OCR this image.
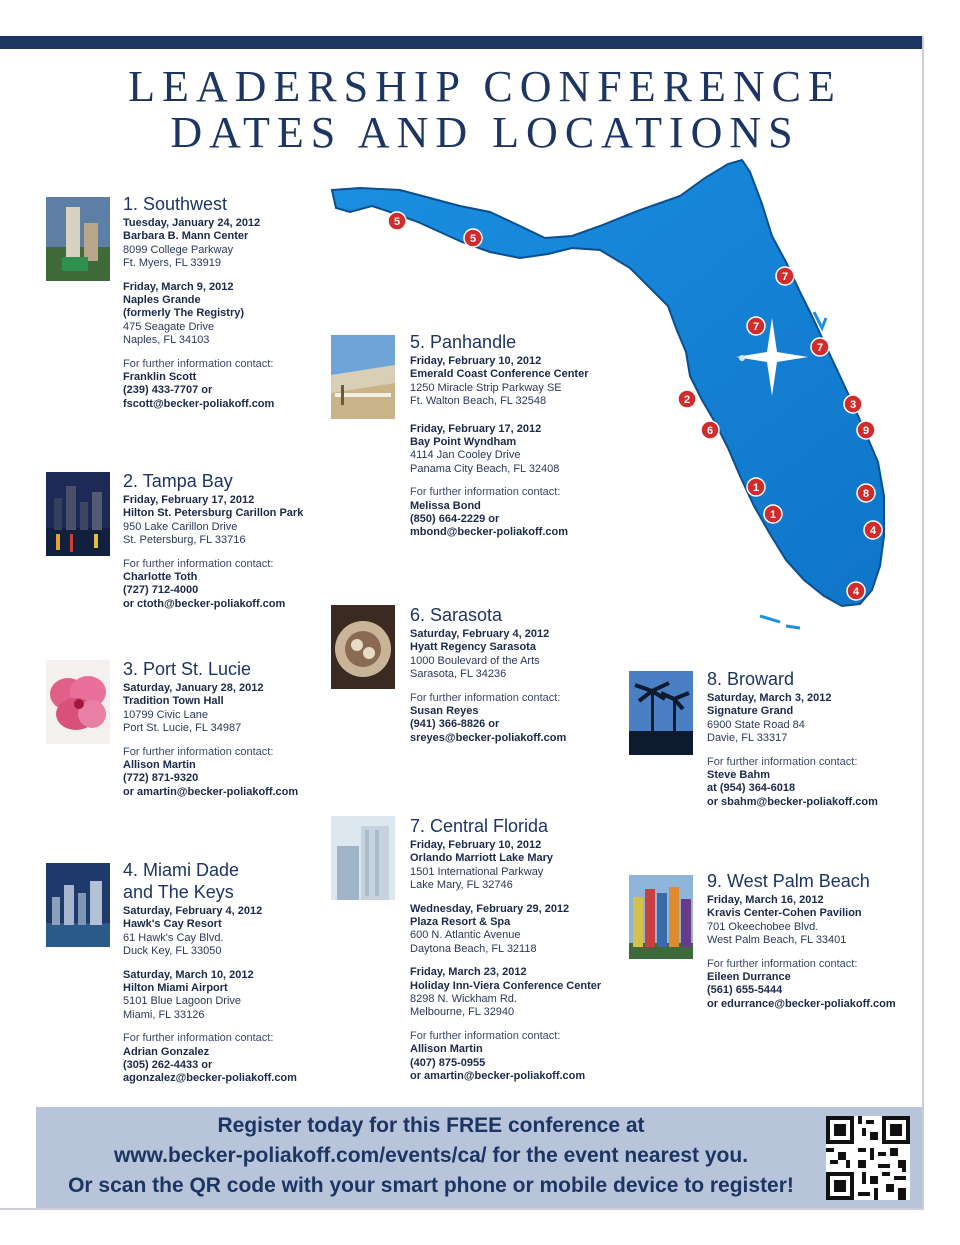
LEADERSHIP CONFERENCE
DATES AND LOCATIONS
1. Southwest
Tuesday, January 24, 2012
Barbara B. Mann Center
8099 College Parkway
Ft. Myers, FL 33919
Friday, March 9, 2012
Naples Grande
(formerly The Registry)
475 Seagate Drive
Naples, FL 34103
For further information contact:
Franklin Scott
(239) 433-7707 or
fscott@becker-poliakoff.com
2. Tampa Bay
Friday, February 17, 2012
Hilton St. Petersburg Carillon Park
950 Lake Carillon Drive
St. Petersburg, FL 33716
For further information contact:
Charlotte Toth
(727) 712-4000
or ctoth@becker-poliakoff.com
3. Port St. Lucie
Saturday, January 28, 2012
Tradition Town Hall
10799 Civic Lane
Port St. Lucie, FL 34987
For further information contact:
Allison Martin
(772) 871-9320
or amartin@becker-poliakoff.com
4. Miami Dade
and The Keys
Saturday, February 4, 2012
Hawk's Cay Resort
61 Hawk's Cay Blvd.
Duck Key, FL 33050
Saturday, March 10, 2012
Hilton Miami Airport
5101 Blue Lagoon Drive
Miami, FL 33126
For further information contact:
Adrian Gonzalez
(305) 262-4433 or
agonzalez@becker-poliakoff.com
5. Panhandle
Friday, February 10, 2012
Emerald Coast Conference Center
1250 Miracle Strip Parkway SE
Ft. Walton Beach, FL 32548
Friday, February 17, 2012
Bay Point Wyndham
4114 Jan Cooley Drive
Panama City Beach, FL 32408
For further information contact:
Melissa Bond
(850) 664-2229 or
mbond@becker-poliakoff.com
6. Sarasota
Saturday, February 4, 2012
Hyatt Regency Sarasota
1000 Boulevard of the Arts
Sarasota, FL 34236
For further information contact:
Susan Reyes
(941) 366-8826 or
sreyes@becker-poliakoff.com
7. Central Florida
Friday, February 10, 2012
Orlando Marriott Lake Mary
1501 International Parkway
Lake Mary, FL 32746
Wednesday, February 29, 2012
Plaza Resort & Spa
600 N. Atlantic Avenue
Daytona Beach, FL 32118
Friday, March 23, 2012
Holiday Inn-Viera Conference Center
8298 N. Wickham Rd.
Melbourne, FL 32940
For further information contact:
Allison Martin
(407) 875-0955
or amartin@becker-poliakoff.com
8. Broward
Saturday, March 3, 2012
Signature Grand
6900 State Road 84
Davie, FL 33317
For further information contact:
Steve Bahm
at (954) 364-6018
or sbahm@becker-poliakoff.com
9. West Palm Beach
Friday, March 16, 2012
Kravis Center-Cohen Pavilion
701 Okeechobee Blvd.
West Palm Beach, FL 33401
For further information contact:
Eileen Durrance
(561) 655-5444
or edurrance@becker-poliakoff.com
5
5
7
7
7
2
6
3
9
1
1
8
4
4
Register today for this FREE conference at
www.becker-poliakoff.com/events/ca/ for the event nearest you.
Or scan the QR code with your smart phone or mobile device to register!
